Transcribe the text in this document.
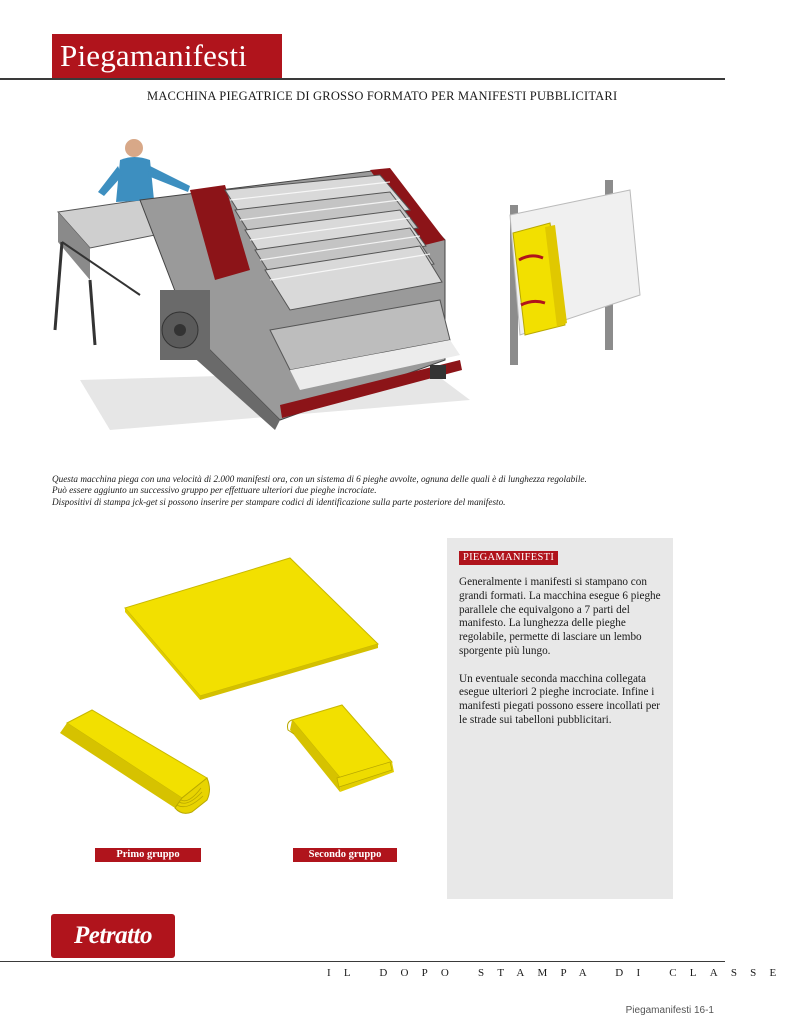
Piegamanifesti
MACCHINA PIEGATRICE DI GROSSO FORMATO PER MANIFESTI PUBBLICITARI
Questa macchina piega con una velocità di 2.000 manifesti ora, con un sistema di 6 pieghe avvolte, ognuna delle quali è di lunghezza regolabile.
Può essere aggiunto un successivo gruppo per effettuare ulteriori due pieghe incrociate.
Dispositivi di stampa jck-get si possono inserire per stampare codici di identificazione sulla parte posteriore del manifesto.
PIEGAMANIFESTI

Generalmente i manifesti si stampano con grandi formati. La macchina esegue 6 pieghe parallele che equivalgono a 7 parti del manifesto. La lunghezza delle pieghe regolabile, permette di lasciare un lembo sporgente più lungo.

Un eventuale seconda macchina collegata esegue ulteriori 2 pieghe incrociate. Infine i manifesti piegati possono essere incollati per le strade sui tabelloni pubblicitari.

Primo gruppo	Secondo gruppo
Petratto
IL DOPO STAMPA DI CLASSE
Piegamanifesti 16-1
